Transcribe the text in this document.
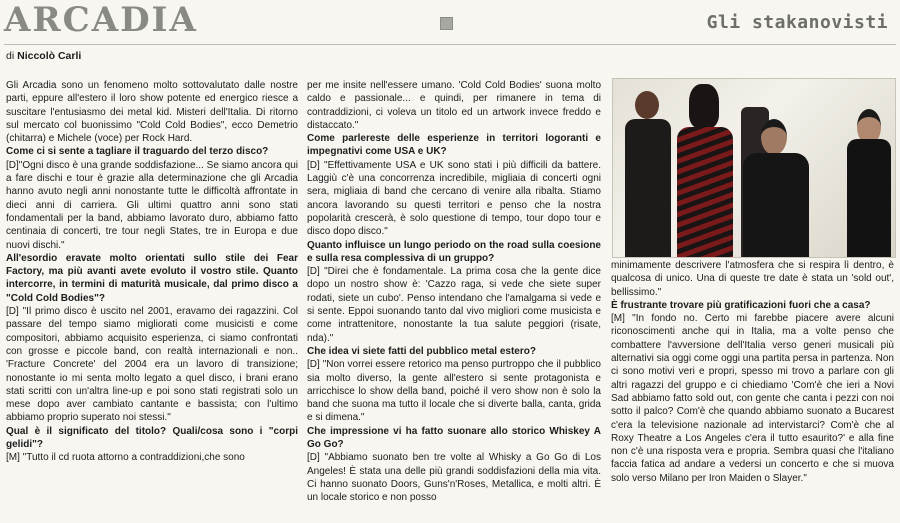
ARCADIA	Gli stakanovisti
di Niccolò Carli

Gli Arcadia sono un fenomeno molto sottovalutato dalle nostre parti, eppure all'estero il loro show potente ed energico riesce a suscitare l'entusiasmo dei metal kid. Misteri dell'Italia. Di ritorno sul mercato col buonissimo "Cold Cold Bodies", ecco Demetrio (chitarra) e Michele (voce) per Rock Hard.

Come ci si sente a tagliare il traguardo del terzo disco?

[D]"Ogni disco è una grande soddisfazione... Se siamo ancora qui a fare dischi e tour è grazie alla determinazione che gli Arcadia hanno avuto negli anni nonostante tutte le difficoltà affrontate in dieci anni di carriera. Gli ultimi quattro anni sono stati fondamentali per la band, abbiamo lavorato duro, abbiamo fatto centinaia di concerti, tre tour negli States, tre in Europa e due nuovi dischi."

All'esordio eravate molto orientati sullo stile dei Fear Factory, ma più avanti avete evoluto il vostro stile. Quanto intercorre, in termini di maturità musicale, dal primo disco a "Cold Cold Bodies"?

[D] "Il primo disco è uscito nel 2001, eravamo dei ragazzini. Col passare del tempo siamo migliorati come musicisti e come compositori, abbiamo acquisito esperienza, ci siamo confrontati con grosse e piccole band, con realtà internazionali e non.. 'Fracture Concrete' del 2004 era un lavoro di transizione; nonostante io mi senta molto legato a quel disco, i brani erano stati scritti con un'altra line-up e poi sono stati registrati solo un mese dopo aver cambiato cantante e bassista; con l'ultimo abbiamo proprio superato noi stessi."

Qual è il significato del titolo? Quali/cosa sono i "corpi gelidi"?

[M] "Tutto il cd ruota attorno a contraddizioni,che sono

per me insite nell'essere umano. 'Cold Cold Bodies' suona molto caldo e passionale... e quindi, per rimanere in tema di contraddizioni, ci voleva un titolo ed un artwork invece freddo e distaccato."

Come parlereste delle esperienze in territori logoranti e impegnativi come USA e UK?

[D] "Effettivamente USA e UK sono stati i più difficili da battere. Laggiù c'è una concorrenza incredibile, migliaia di concerti ogni sera, migliaia di band che cercano di venire alla ribalta. Stiamo ancora lavorando su questi territori e penso che la nostra popolarità crescerà, è solo questione di tempo, tour dopo tour e disco dopo disco."

Quanto influisce un lungo periodo on the road sulla coesione e sulla resa complessiva di un gruppo?

[D] "Direi che è fondamentale. La prima cosa che la gente dice dopo un nostro show è: 'Cazzo raga, si vede che siete super rodati, siete un cubo'. Penso intendano che l'amalgama si vede e si sente. Eppoi suonando tanto dal vivo migliori come musicista e come intrattenitore, nonostante la tua salute peggiori (risate, nda)."

Che idea vi siete fatti del pubblico metal estero?

[D] "Non vorrei essere retorico ma penso purtroppo che il pubblico sia molto diverso, la gente all'estero si sente protagonista e arricchisce lo show della band, poiché il vero show non è solo la band che suona ma tutto il locale che si diverte balla, canta, grida e si dimena."

Che impressione vi ha fatto suonare allo storico Whiskey A Go Go?

[D] "Abbiamo suonato ben tre volte al Whisky a Go Go di Los Angeles! È stata una delle più grandi soddisfazioni della mia vita. Ci hanno suonato Doors, Guns'n'Roses, Metallica, e molti altri. È un locale storico e non posso

minimamente descrivere l'atmosfera che si respira lì dentro, è qualcosa di unico. Una di queste tre date è stata un 'sold out', bellissimo."

È frustrante trovare più gratificazioni fuori che a casa?

[M] "In fondo no. Certo mi farebbe piacere avere alcuni riconoscimenti anche qui in Italia, ma a volte penso che combattere l'avversione dell'Italia verso generi musicali più alternativi sia oggi come oggi una partita persa in partenza. Non ci sono motivi veri e propri, spesso mi trovo a parlare con gli altri ragazzi del gruppo e ci chiediamo 'Com'è che ieri a Novi Sad abbiamo fatto sold out, con gente che canta i pezzi con noi sotto il palco? Com'è che quando abbiamo suonato a Bucarest c'era la televisione nazionale ad intervistarci? Com'è che al Roxy Theatre a Los Angeles c'era il tutto esaurito?' e alla fine non c'è una risposta vera e propria. Sembra quasi che l'italiano faccia fatica ad andare a vedersi un concerto e che si muova solo verso Milano per Iron Maiden o Slayer."
